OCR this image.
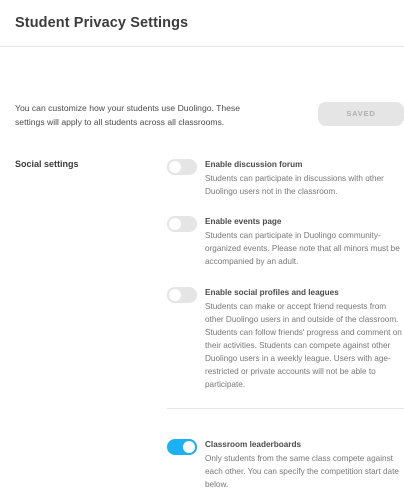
Student Privacy Settings
You can customize how your students use Duolingo. These settings will apply to all students across all classrooms.
SAVED
Social settings	Enable discussion forum
Students can participate in discussions with other Duolingo users not in the classroom.
Enable events page
Students can participate in Duolingo community-organized events. Please note that all minors must be accompanied by an adult.
Enable social profiles and leagues
Students can make or accept friend requests from other Duolingo users in and outside of the classroom. Students can follow friends' progress and comment on their activities. Students can compete against other Duolingo users in a weekly league. Users with age-restricted or private accounts will not be able to participate.
Classroom leaderboards
Only students from the same class compete against each other. You can specify the competition start date below.
